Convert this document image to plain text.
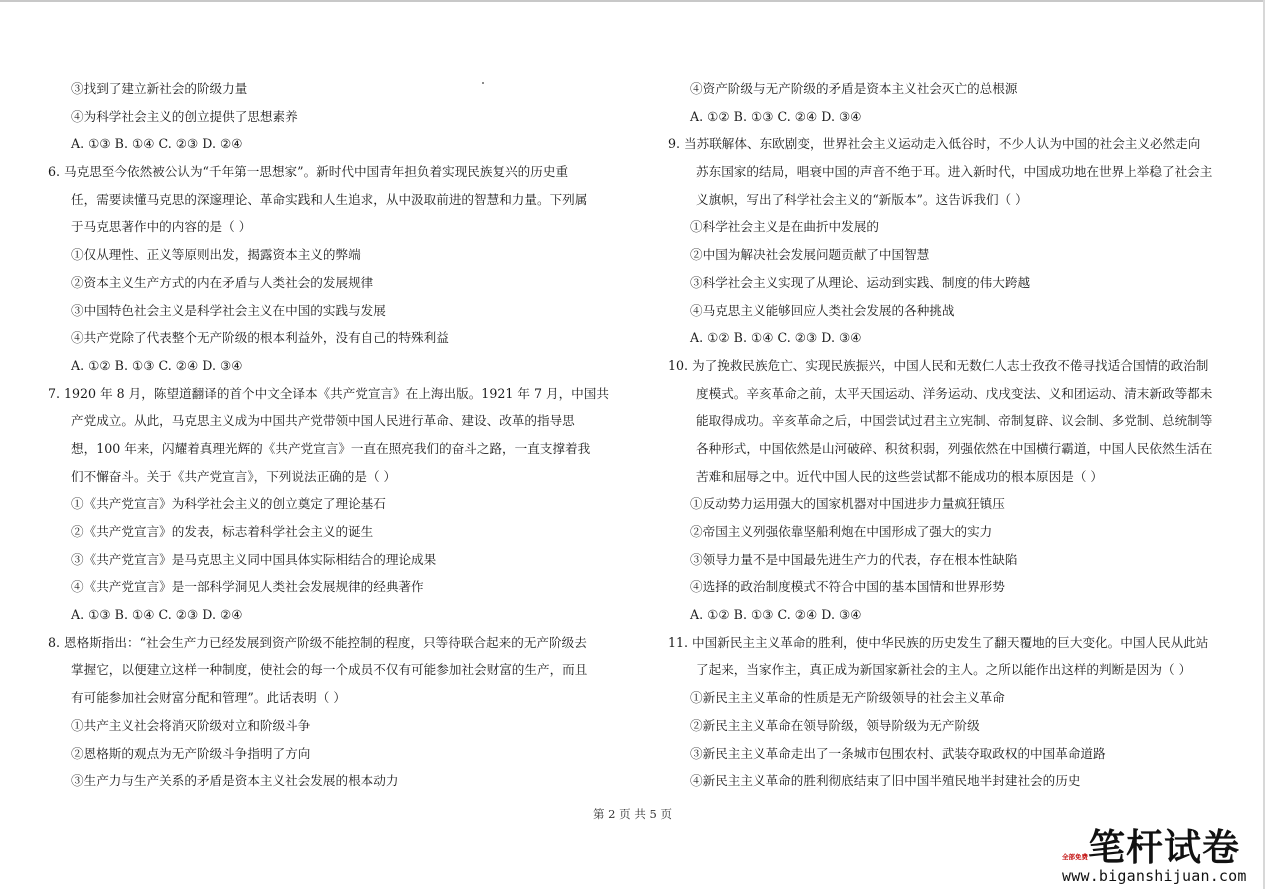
③找到了建立新社会的阶级力量
④为科学社会主义的创立提供了思想素养
A. ①③ B. ①④ C. ②③ D. ②④
6. 马克思至今依然被公认为“千年第一思想家”。新时代中国青年担负着实现民族复兴的历史重
任，需要读懂马克思的深邃理论、革命实践和人生追求，从中汲取前进的智慧和力量。下列属
于马克思著作中的内容的是（ ）
①仅从理性、正义等原则出发，揭露资本主义的弊端
②资本主义生产方式的内在矛盾与人类社会的发展规律
③中国特色社会主义是科学社会主义在中国的实践与发展
④共产党除了代表整个无产阶级的根本利益外，没有自己的特殊利益
A. ①② B. ①③ C. ②④ D. ③④
7. 1920 年 8 月，陈望道翻译的首个中文全译本《共产党宣言》在上海出版。1921 年 7 月，中国共
产党成立。从此，马克思主义成为中国共产党带领中国人民进行革命、建设、改革的指导思
想，100 年来，闪耀着真理光辉的《共产党宣言》一直在照亮我们的奋斗之路，一直支撑着我
们不懈奋斗。关于《共产党宣言》，下列说法正确的是（ ）
①《共产党宣言》为科学社会主义的创立奠定了理论基石
②《共产党宣言》的发表，标志着科学社会主义的诞生
③《共产党宣言》是马克思主义同中国具体实际相结合的理论成果
④《共产党宣言》是一部科学洞见人类社会发展规律的经典著作
A. ①③ B. ①④ C. ②③ D. ②④
8. 恩格斯指出：“社会生产力已经发展到资产阶级不能控制的程度，只等待联合起来的无产阶级去
掌握它，以便建立这样一种制度，使社会的每一个成员不仅有可能参加社会财富的生产，而且
有可能参加社会财富分配和管理”。此话表明（ ）
①共产主义社会将消灭阶级对立和阶级斗争
②恩格斯的观点为无产阶级斗争指明了方向
③生产力与生产关系的矛盾是资本主义社会发展的根本动力
④资产阶级与无产阶级的矛盾是资本主义社会灭亡的总根源
A. ①② B. ①③ C. ②④ D. ③④
9. 当苏联解体、东欧剧变，世界社会主义运动走入低谷时，不少人认为中国的社会主义必然走向
苏东国家的结局，唱衰中国的声音不绝于耳。进入新时代，中国成功地在世界上举稳了社会主
义旗帜，写出了科学社会主义的“新版本”。这告诉我们（ ）
①科学社会主义是在曲折中发展的
②中国为解决社会发展问题贡献了中国智慧
③科学社会主义实现了从理论、运动到实践、制度的伟大跨越
④马克思主义能够回应人类社会发展的各种挑战
A. ①② B. ①④ C. ②③ D. ③④
10. 为了挽救民族危亡、实现民族振兴，中国人民和无数仁人志士孜孜不倦寻找适合国情的政治制
度模式。辛亥革命之前，太平天国运动、洋务运动、戊戌变法、义和团运动、清末新政等都未
能取得成功。辛亥革命之后，中国尝试过君主立宪制、帝制复辟、议会制、多党制、总统制等
各种形式，中国依然是山河破碎、积贫积弱，列强依然在中国横行霸道，中国人民依然生活在
苦难和屈辱之中。近代中国人民的这些尝试都不能成功的根本原因是（ ）
①反动势力运用强大的国家机器对中国进步力量疯狂镇压
②帝国主义列强依靠坚船利炮在中国形成了强大的实力
③领导力量不是中国最先进生产力的代表，存在根本性缺陷
④选择的政治制度模式不符合中国的基本国情和世界形势
A. ①② B. ①③ C. ②④ D. ③④
11. 中国新民主主义革命的胜利，使中华民族的历史发生了翻天覆地的巨大变化。中国人民从此站
了起来，当家作主，真正成为新国家新社会的主人。之所以能作出这样的判断是因为（ ）
①新民主主义革命的性质是无产阶级领导的社会主义革命
②新民主主义革命在领导阶级，领导阶级为无产阶级
③新民主主义革命走出了一条城市包围农村、武装夺取政权的中国革命道路
④新民主主义革命的胜利彻底结束了旧中国半殖民地半封建社会的历史
第 2 页 共 5 页
笔杆试卷
全部免费
www.biganshijuan.com
